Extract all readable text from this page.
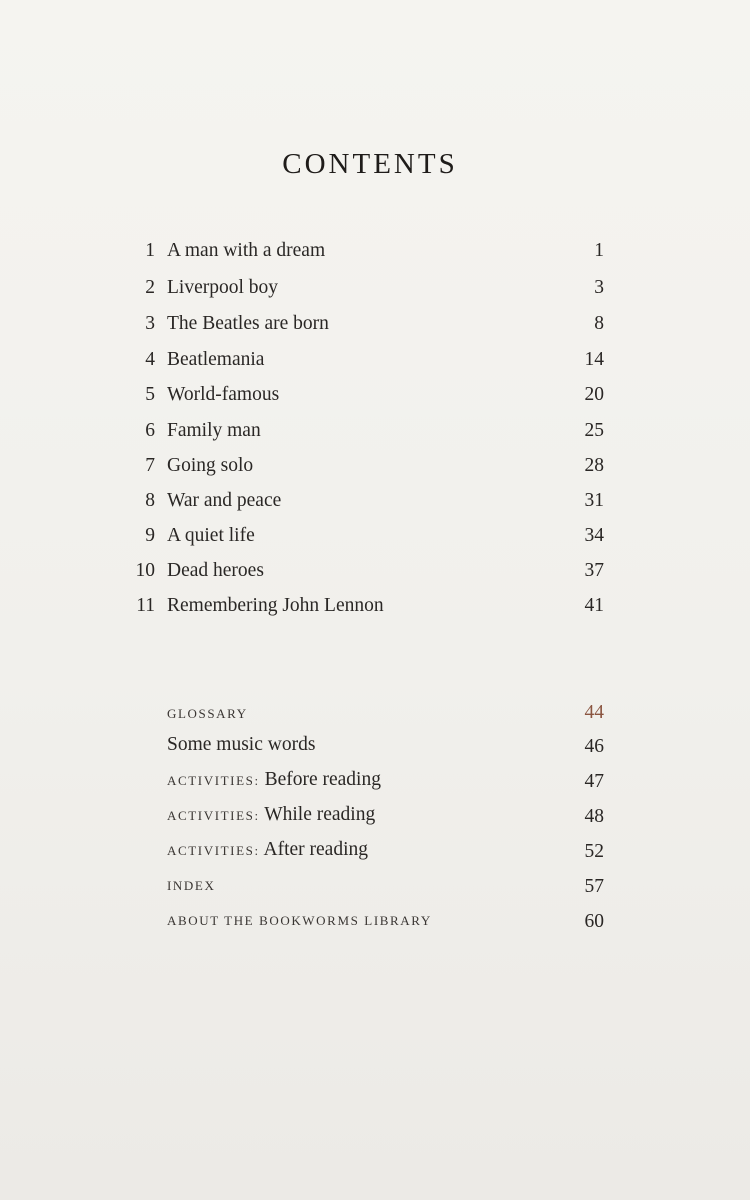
CONTENTS
1 A man with a dream	1
2 Liverpool boy	3
3 The Beatles are born	8
4 Beatlemania	14
5 World-famous	20
6 Family man	25
7 Going solo	28
8 War and peace	31
9 A quiet life	34
10 Dead heroes	37
11 Remembering John Lennon	41
GLOSSARY	44
Some music words	46
ACTIVITIES: Before reading	47
ACTIVITIES: While reading	48
ACTIVITIES: After reading	52
INDEX	57
ABOUT THE BOOKWORMS LIBRARY	60
